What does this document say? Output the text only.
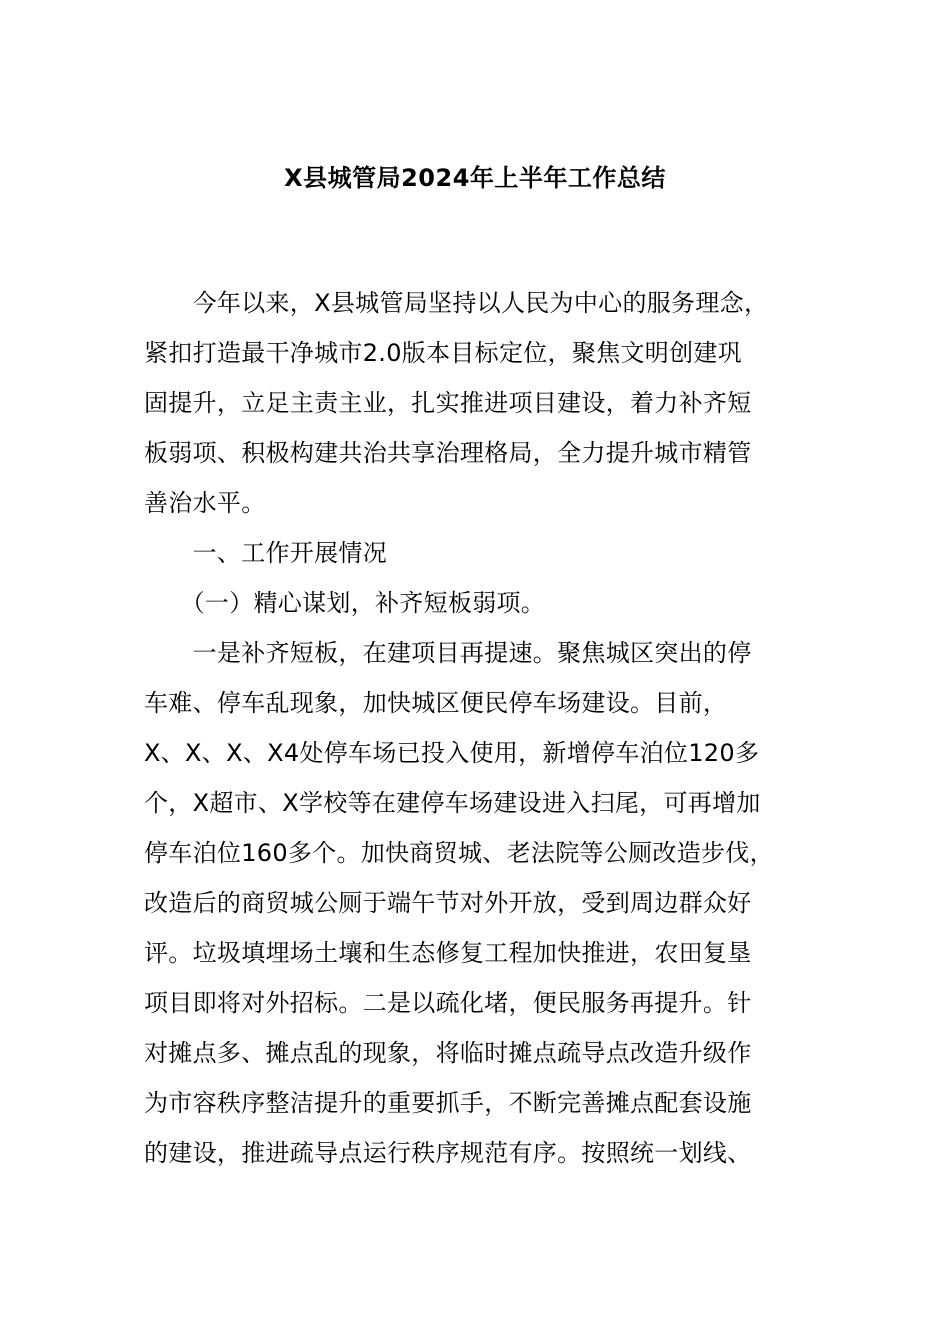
X县城管局2024年上半年工作总结
　　今年以来，X县城管局坚持以人民为中心的服务理念，
紧扣打造最干净城市2.0版本目标定位，聚焦文明创建巩
固提升，立足主责主业，扎实推进项目建设，着力补齐短
板弱项、积极构建共治共享治理格局，全力提升城市精管
善治水平。
　　一、工作开展情况
　　（一）精心谋划，补齐短板弱项。
　　一是补齐短板，在建项目再提速。聚焦城区突出的停
车难、停车乱现象，加快城区便民停车场建设。目前，
X、X、X、X4处停车场已投入使用，新增停车泊位120多
个，X超市、X学校等在建停车场建设进入扫尾，可再增加
停车泊位160多个。加快商贸城、老法院等公厕改造步伐，
改造后的商贸城公厕于端午节对外开放，受到周边群众好
评。垃圾填埋场土壤和生态修复工程加快推进，农田复垦
项目即将对外招标。二是以疏化堵，便民服务再提升。针
对摊点多、摊点乱的现象，将临时摊点疏导点改造升级作
为市容秩序整洁提升的重要抓手，不断完善摊点配套设施
的建设，推进疏导点运行秩序规范有序。按照统一划线、
